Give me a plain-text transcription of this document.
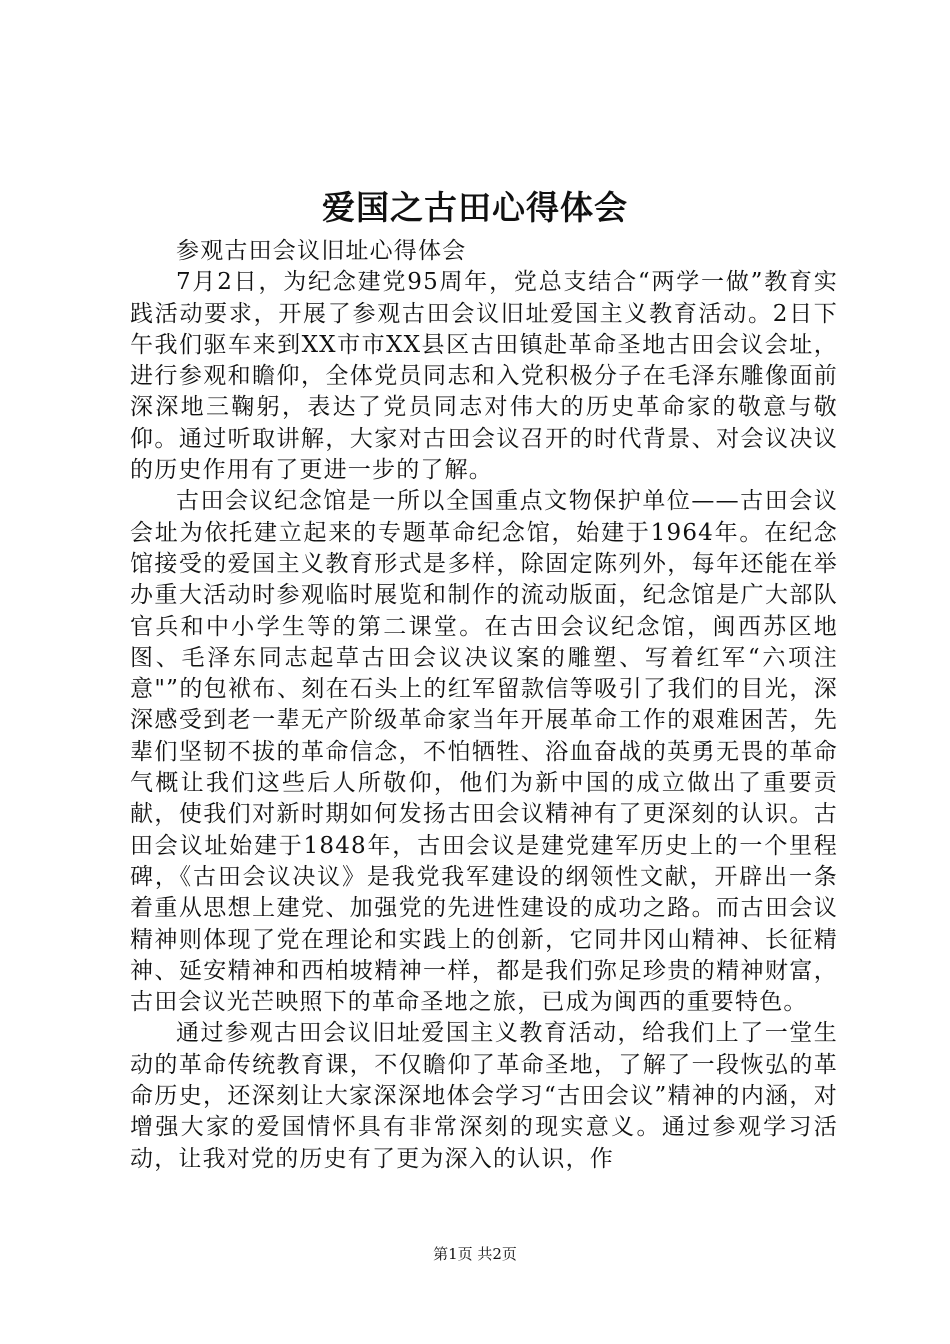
爱国之古田心得体会

参观古田会议旧址心得体会

7月2日，为纪念建党95周年，党总支结合“两学一做”教育实践活动要求，开展了参观古田会议旧址爱国主义教育活动。2日下午我们驱车来到XX市市XX县区古田镇赴革命圣地古田会议会址，进行参观和瞻仰，全体党员同志和入党积极分子在毛泽东雕像面前深深地三鞠躬，表达了党员同志对伟大的历史革命家的敬意与敬仰。通过听取讲解，大家对古田会议召开的时代背景、对会议决议的历史作用有了更进一步的了解。

古田会议纪念馆是一所以全国重点文物保护单位——古田会议会址为依托建立起来的专题革命纪念馆，始建于1964年。在纪念馆接受的爱国主义教育形式是多样，除固定陈列外，每年还能在举办重大活动时参观临时展览和制作的流动版面，纪念馆是广大部队官兵和中小学生等的第二课堂。在古田会议纪念馆，闽西苏区地图、毛泽东同志起草古田会议决议案的雕塑、写着红军“六项注意"”的包袱布、刻在石头上的红军留款信等吸引了我们的目光，深深感受到老一辈无产阶级革命家当年开展革命工作的艰难困苦，先辈们坚韧不拔的革命信念，不怕牺牲、浴血奋战的英勇无畏的革命气概让我们这些后人所敬仰，他们为新中国的成立做出了重要贡献，使我们对新时期如何发扬古田会议精神有了更深刻的认识。古田会议址始建于1848年，古田会议是建党建军历史上的一个里程碑，《古田会议决议》是我党我军建设的纲领性文献，开辟出一条着重从思想上建党、加强党的先进性建设的成功之路。而古田会议精神则体现了党在理论和实践上的创新，它同井冈山精神、长征精神、延安精神和西柏坡精神一样，都是我们弥足珍贵的精神财富，古田会议光芒映照下的革命圣地之旅，已成为闽西的重要特色。

通过参观古田会议旧址爱国主义教育活动，给我们上了一堂生动的革命传统教育课，不仅瞻仰了革命圣地，了解了一段恢弘的革命历史，还深刻让大家深深地体会学习“古田会议”精神的内涵，对增强大家的爱国情怀具有非常深刻的现实意义。通过参观学习活动，让我对党的历史有了更为深入的认识，作

第1页 共2页
